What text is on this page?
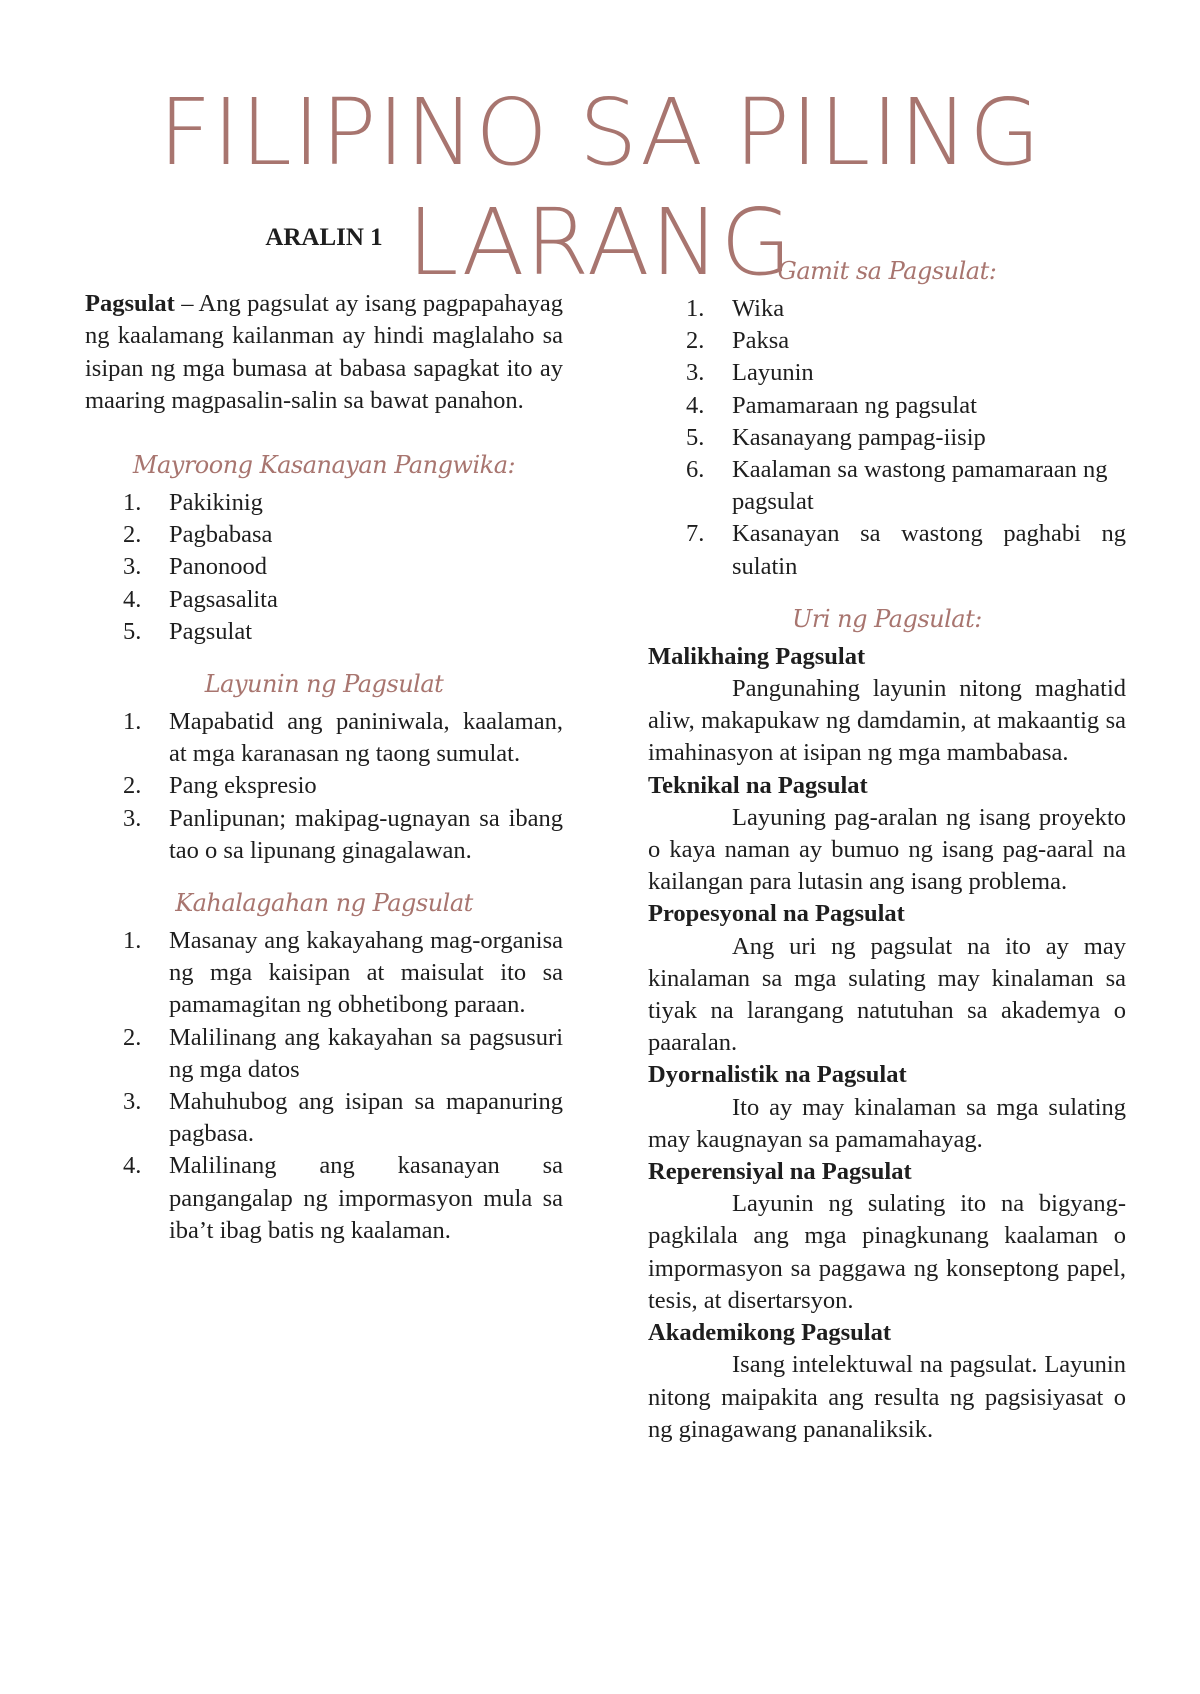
FILIPINO SA PILING LARANG

ARALIN 1

Pagsulat – Ang pagsulat ay isang pagpapahayag ng kaalamang kailanman ay hindi maglalaho sa isipan ng mga bumasa at babasa sapagkat ito ay maaring magpasalin-salin sa bawat panahon.

Mayroong Kasanayan Pangwika:
1.	Pakikinig
2.	Pagbabasa
3.	Panonood
4.	Pagsasalita
5.	Pagsulat
Layunin ng Pagsulat
1.	Mapabatid ang paniniwala, kaalaman, at mga karanasan ng taong sumulat.
2.	Pang ekspresio
3.	Panlipunan; makipag-ugnayan sa ibang tao o sa lipunang ginagalawan.
Kahalagahan ng Pagsulat
1.	Masanay ang kakayahang mag-organisa ng mga kaisipan at maisulat ito sa pamamagitan ng obhetibong paraan.
2.	Malilinang ang kakayahan sa pagsusuri ng mga datos
3.	Mahuhubog ang isipan sa mapanuring pagbasa.
4.	Malilinang ang kasanayan sa pangangalap ng impormasyon mula sa iba’t ibag batis ng kaalaman.
Gamit sa Pagsulat:
1.	Wika
2.	Paksa
3.	Layunin
4.	Pamamaraan ng pagsulat
5.	Kasanayang pampag-iisip
6.	Kaalaman sa wastong pamamaraan ng pagsulat
7.	Kasanayan sa wastong paghabi ng sulatin
Uri ng Pagsulat:

Malikhaing Pagsulat

Pangunahing layunin nitong maghatid aliw, makapukaw ng damdamin, at makaantig sa imahinasyon at isipan ng mga mambabasa.

Teknikal na Pagsulat

Layuning pag-aralan ng isang proyekto o kaya naman ay bumuo ng isang pag-aaral na kailangan para lutasin ang isang problema.

Propesyonal na Pagsulat

Ang uri ng pagsulat na ito ay may kinalaman sa mga sulating may kinalaman sa tiyak na larangang natutuhan sa akademya o paaralan.

Dyornalistik na Pagsulat

Ito ay may kinalaman sa mga sulating may kaugnayan sa pamamahayag.

Reperensiyal na Pagsulat

Layunin ng sulating ito na bigyang-pagkilala ang mga pinagkunang kaalaman o impormasyon sa paggawa ng konseptong papel, tesis, at disertarsyon.

Akademikong Pagsulat

Isang intelektuwal na pagsulat. Layunin nitong maipakita ang resulta ng pagsisiyasat o ng ginagawang pananaliksik.
